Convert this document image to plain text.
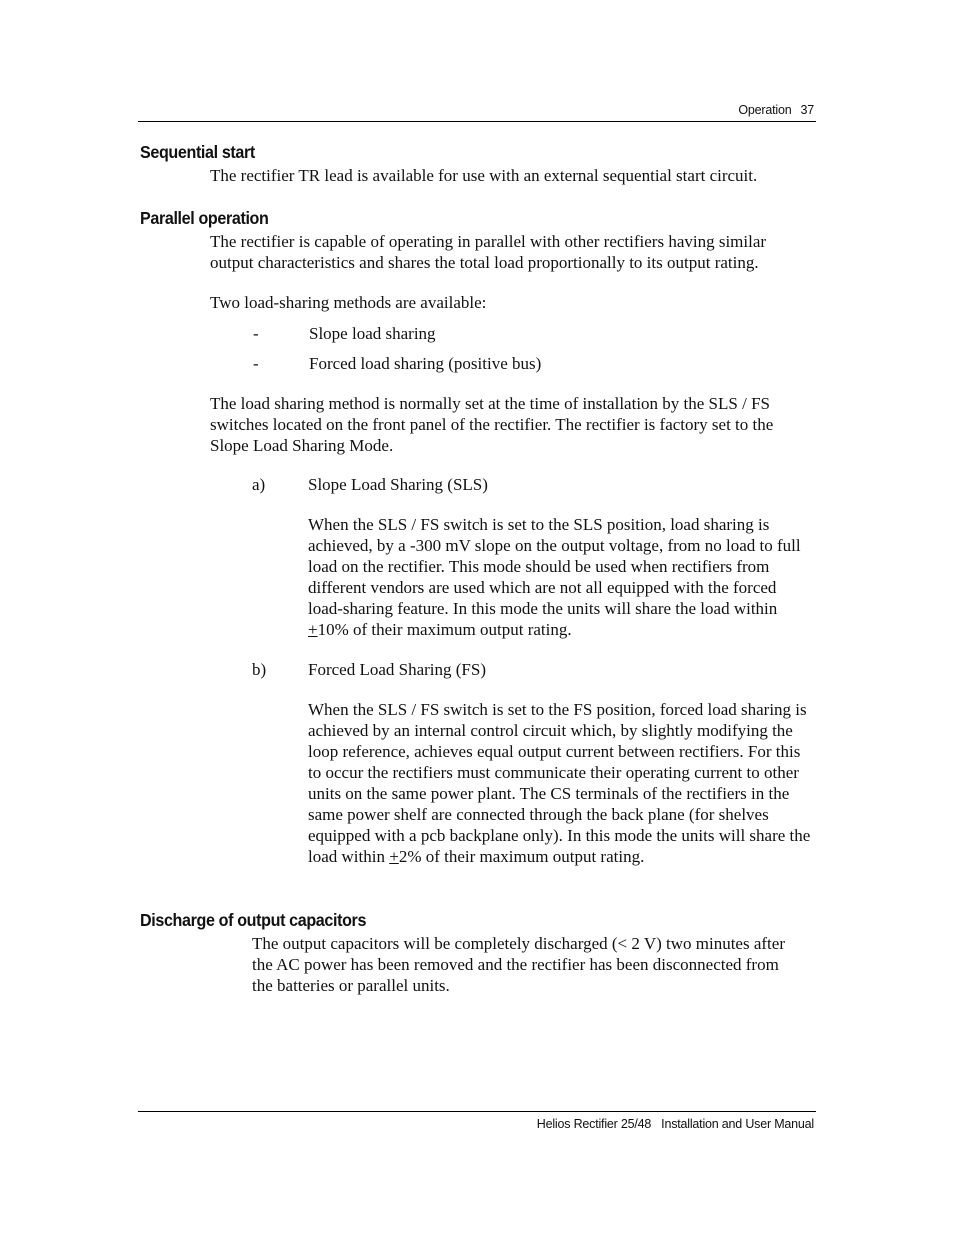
Operation 37
Sequential start

The rectifier TR lead is available for use with an external sequential start circuit.

Parallel operation

The rectifier is capable of operating in parallel with other rectifiers having similar output characteristics and shares the total load proportionally to its output rating.

Two load-sharing methods are available:

-	Slope load sharing
-	Forced load sharing (positive bus)

The load sharing method is normally set at the time of installation by the SLS / FS switches located on the front panel of the rectifier. The rectifier is factory set to the Slope Load Sharing Mode.

a)	Slope Load Sharing (SLS)

When the SLS / FS switch is set to the SLS position, load sharing is achieved, by a -300 mV slope on the output voltage, from no load to full load on the rectifier. This mode should be used when rectifiers from different vendors are used which are not all equipped with the forced load-sharing feature. In this mode the units will share the load within +10% of their maximum output rating.

b) Forced Load Sharing (FS)

When the SLS / FS switch is set to the FS position, forced load sharing is achieved by an internal control circuit which, by slightly modifying the loop reference, achieves equal output current between rectifiers. For this to occur the rectifiers must communicate their operating current to other units on the same power plant. The CS terminals of the rectifiers in the same power shelf are connected through the back plane (for shelves equipped with a pcb backplane only). In this mode the units will share the load within +2% of their maximum output rating.

Discharge of output capacitors

The output capacitors will be completely discharged (< 2 V) two minutes after the AC power has been removed and the rectifier has been disconnected from the batteries or parallel units.

Helios Rectifier 25/48 Installation and User Manual
